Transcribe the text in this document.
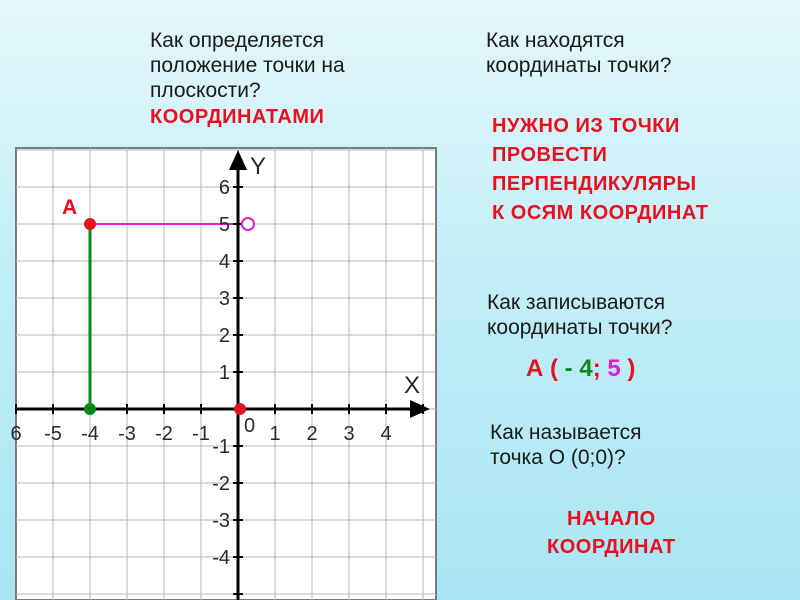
Как определяется
положение точки на
плоскости?
КООРДИНАТАМИ
Как находятся
координаты точки?
НУЖНО ИЗ ТОЧКИ
ПРОВЕСТИ
ПЕРПЕНДИКУЛЯРЫ
К ОСЯМ КООРДИНАТ
Как записываются
координаты точки?
А ( - 4; 5 )
Как называется
точка О (0;0)?
НАЧАЛО
КООРДИНАТ
6 -5 -4 -3 -2 -1	1 2 3 4
6
5
4
3
2
1
-1
-2
-3
-4
0
Y
X
А
